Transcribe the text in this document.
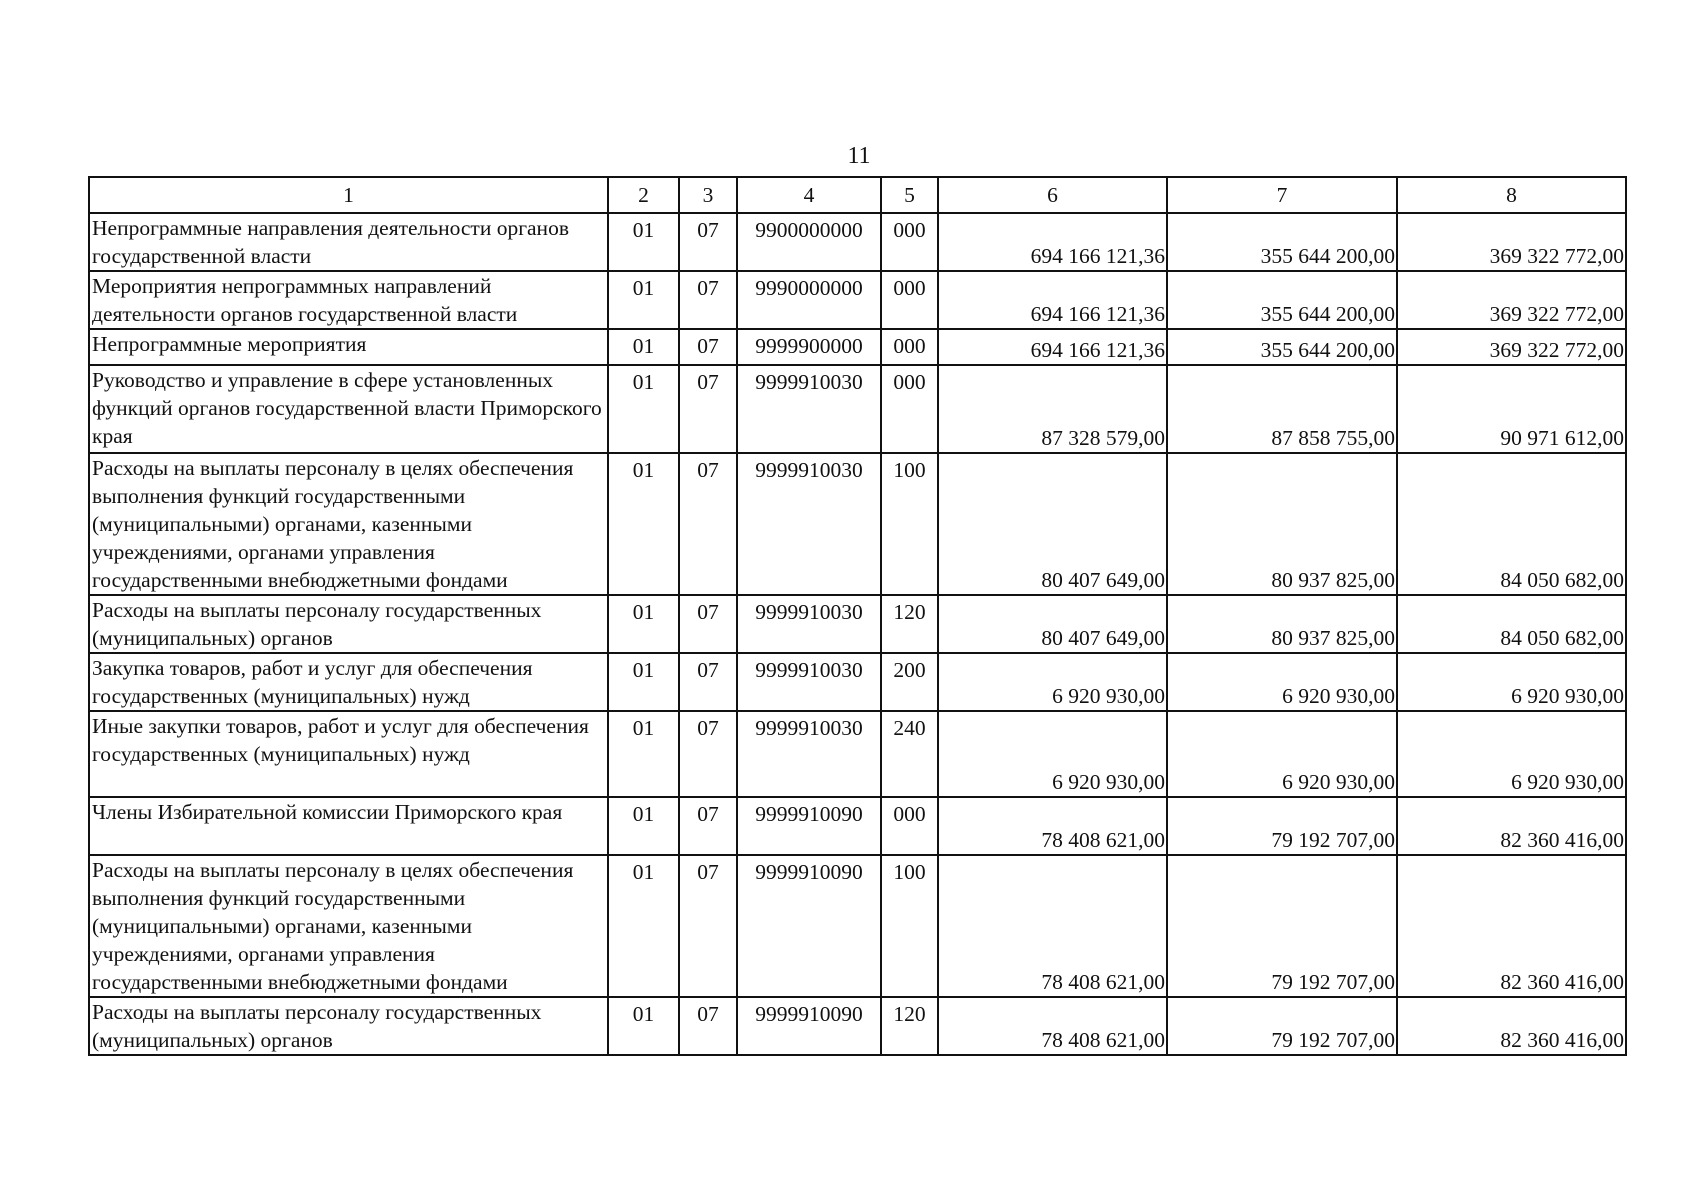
11
1	2	3	4	5	6	7	8
Непрограммные направления деятельности органов государственной власти	01	07	9900000000	000	694 166 121,36	355 644 200,00	369 322 772,00
Мероприятия непрограммных направлений деятельности органов государственной власти	01	07	9990000000	000	694 166 121,36	355 644 200,00	369 322 772,00
Непрограммные мероприятия	01	07	9999900000	000	694 166 121,36	355 644 200,00	369 322 772,00
Руководство и управление в сфере установленных функций органов государственной власти Приморского края	01	07	9999910030	000	87 328 579,00	87 858 755,00	90 971 612,00
Расходы на выплаты персоналу в целях обеспечения выполнения функций государственными (муниципальными) органами, казенными учреждениями, органами управления государственными внебюджетными фондами	01	07	9999910030	100	80 407 649,00	80 937 825,00	84 050 682,00
Расходы на выплаты персоналу государственных (муниципальных) органов	01	07	9999910030	120	80 407 649,00	80 937 825,00	84 050 682,00
Закупка товаров, работ и услуг для обеспечения государственных (муниципальных) нужд	01	07	9999910030	200	6 920 930,00	6 920 930,00	6 920 930,00
Иные закупки товаров, работ и услуг для обеспечения государственных (муниципальных) нужд	01	07	9999910030	240	6 920 930,00	6 920 930,00	6 920 930,00
Члены Избирательной комиссии Приморского края	01	07	9999910090	000	78 408 621,00	79 192 707,00	82 360 416,00
Расходы на выплаты персоналу в целях обеспечения выполнения функций государственными (муниципальными) органами, казенными учреждениями, органами управления государственными внебюджетными фондами	01	07	9999910090	100	78 408 621,00	79 192 707,00	82 360 416,00
Расходы на выплаты персоналу государственных (муниципальных) органов	01	07	9999910090	120	78 408 621,00	79 192 707,00	82 360 416,00
